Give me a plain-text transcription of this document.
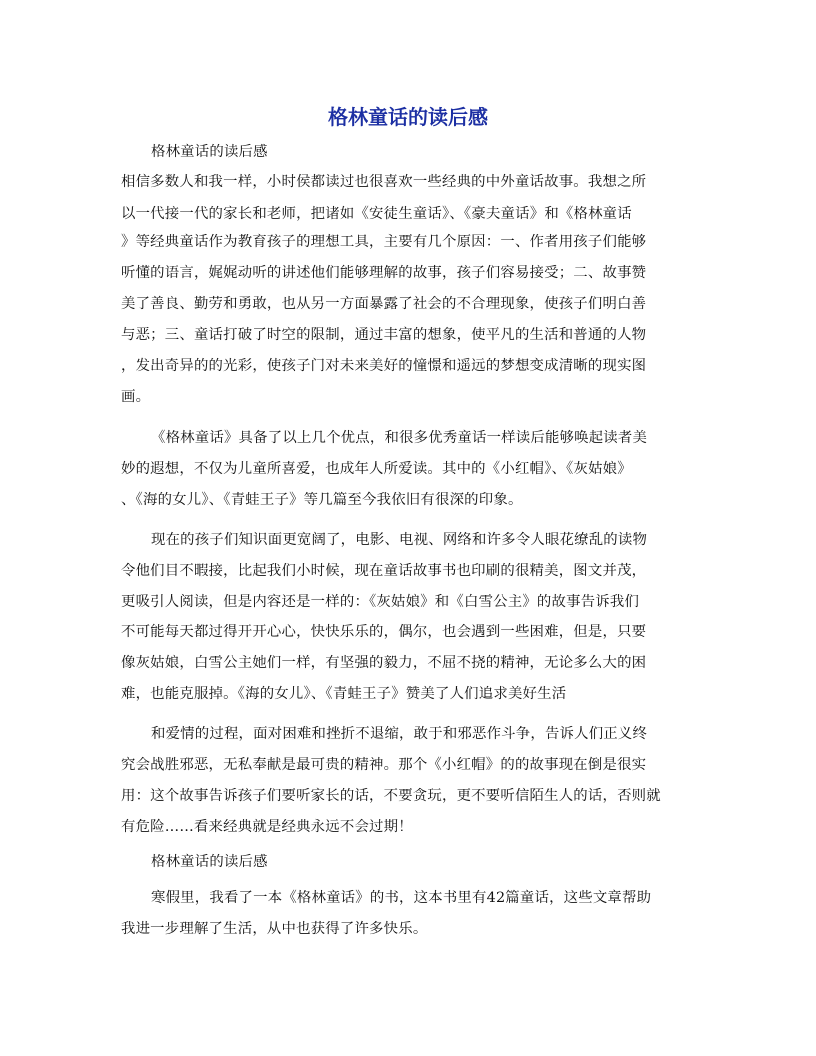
格林童话的读后感
格林童话的读后感
相信多数人和我一样，小时侯都读过也很喜欢一些经典的中外童话故事。我想之所
以一代接一代的家长和老师，把诸如《安徒生童话》、《豪夫童话》和《格林童话
》等经典童话作为教育孩子的理想工具，主要有几个原因：一、作者用孩子们能够
听懂的语言，娓娓动听的讲述他们能够理解的故事，孩子们容易接受；二、故事赞
美了善良、勤劳和勇敢，也从另一方面暴露了社会的不合理现象，使孩子们明白善
与恶；三、童话打破了时空的限制，通过丰富的想象，使平凡的生活和普通的人物
，发出奇异的的光彩，使孩子门对未来美好的憧憬和遥远的梦想变成清晰的现实图
画。
《格林童话》具备了以上几个优点，和很多优秀童话一样读后能够唤起读者美
妙的遐想，不仅为儿童所喜爱，也成年人所爱读。其中的《小红帽》、《灰姑娘》
、《海的女儿》、《青蛙王子》等几篇至今我依旧有很深的印象。
现在的孩子们知识面更宽阔了，电影、电视、网络和许多令人眼花缭乱的读物
令他们目不暇接，比起我们小时候，现在童话故事书也印刷的很精美，图文并茂，
更吸引人阅读，但是内容还是一样的：《灰姑娘》和《白雪公主》的故事告诉我们
不可能每天都过得开开心心，快快乐乐的，偶尔，也会遇到一些困难，但是，只要
像灰姑娘，白雪公主她们一样，有坚强的毅力，不屈不挠的精神，无论多么大的困
难，也能克服掉。《海的女儿》、《青蛙王子》赞美了人们追求美好生活
和爱情的过程，面对困难和挫折不退缩，敢于和邪恶作斗争，告诉人们正义终
究会战胜邪恶，无私奉献是最可贵的精神。那个《小红帽》的的故事现在倒是很实
用：这个故事告诉孩子们要听家长的话，不要贪玩，更不要听信陌生人的话，否则就
有危险……看来经典就是经典永远不会过期！
格林童话的读后感
寒假里，我看了一本《格林童话》的书，这本书里有42篇童话，这些文章帮助
我进一步理解了生活，从中也获得了许多快乐。
